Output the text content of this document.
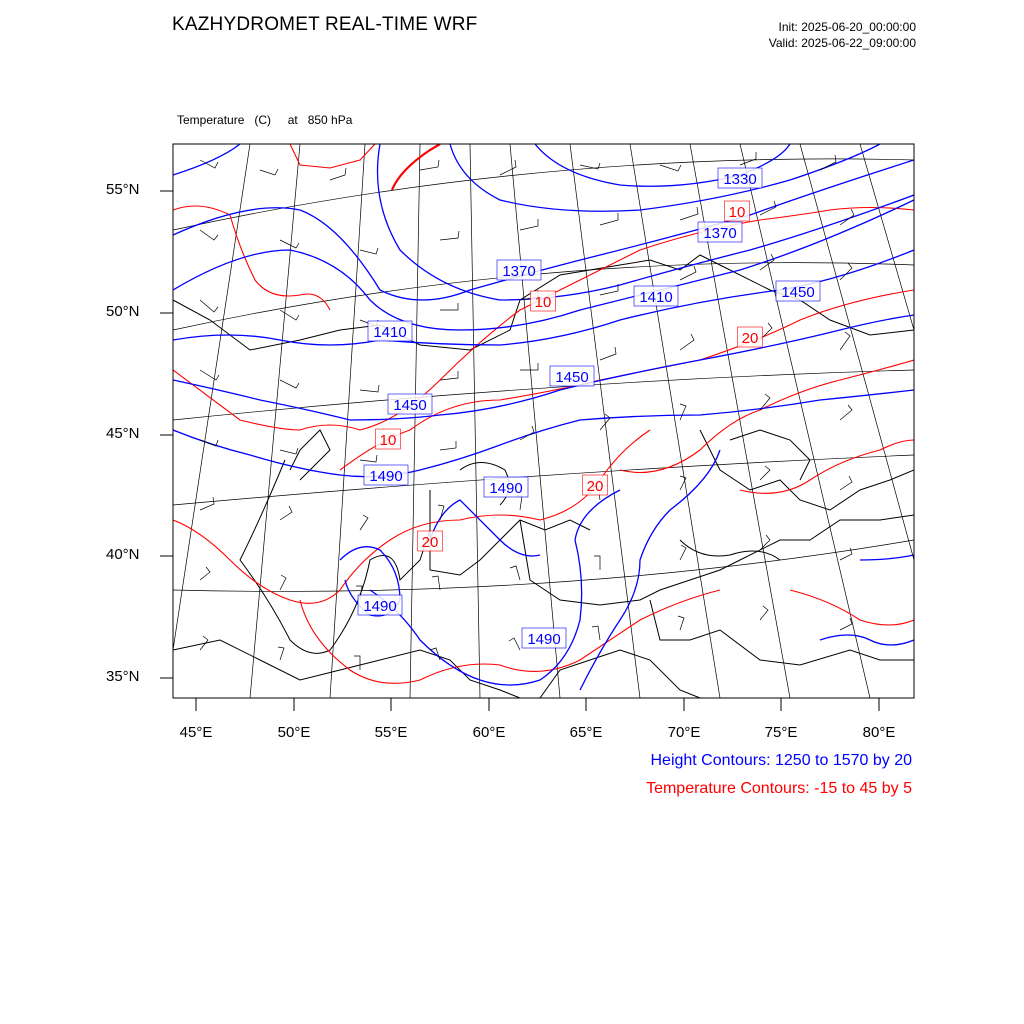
KAZHYDROMET REAL-TIME WRF	Init: 2025-06-20_00:00:00
Valid: 2025-06-22_09:00:00

Temperature   (C)     at   850 hPa

1330
1370
1370
1410
1410
1450
1450
1450
1490
1490
1490
1490
10
10
10
20
20
20
55°N
50°N
45°N
40°N
35°N
45°E	50°E	55°E	60°E	65°E	70°E	75°E	80°E
Height Contours: 1250 to 1570 by 20
Temperature Contours: -15 to 45 by 5
